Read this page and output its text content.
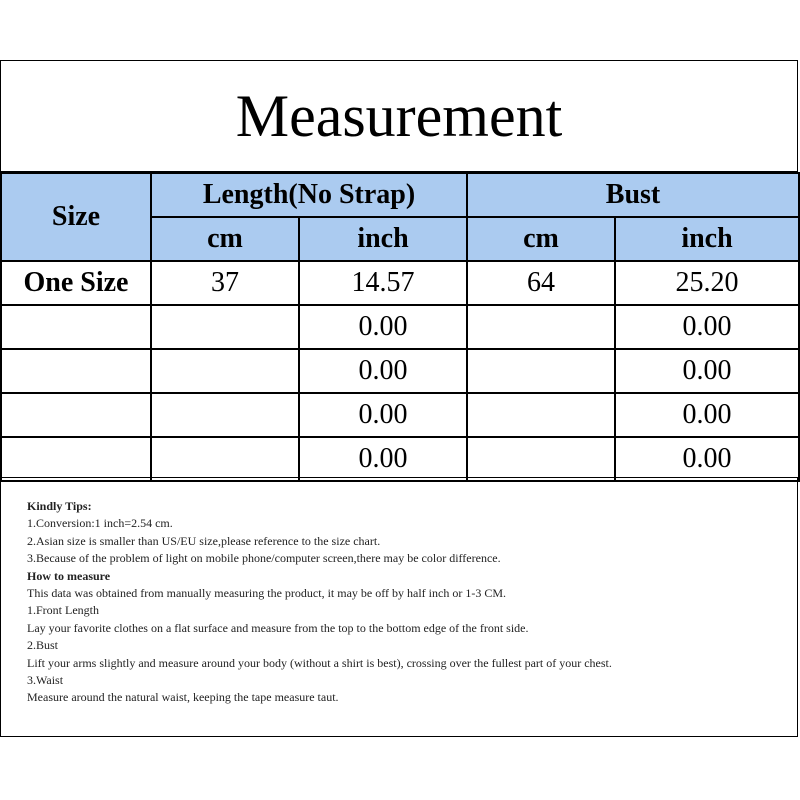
Measurement
Size	Length(No Strap)		Bust	
	cm	inch	cm	inch
One Size	37	14.57	64	25.20
		0.00		0.00
		0.00		0.00
		0.00		0.00
		0.00		0.00

Kindly Tips:

1.Conversion:1 inch=2.54 cm.

2.Asian size is smaller than US/EU size,please reference to the size chart.

3.Because of the problem of light on mobile phone/computer screen,there may be color difference.

How to measure

This data was obtained from manually measuring the product, it may be off by half inch or 1-3 CM.

1.Front Length

Lay your favorite clothes on a flat surface and measure from the top to the bottom edge of the front side.

2.Bust

Lift your arms slightly and measure around your body (without a shirt is best), crossing over the fullest part of your chest.

3.Waist

Measure around the natural waist, keeping the tape measure taut.
